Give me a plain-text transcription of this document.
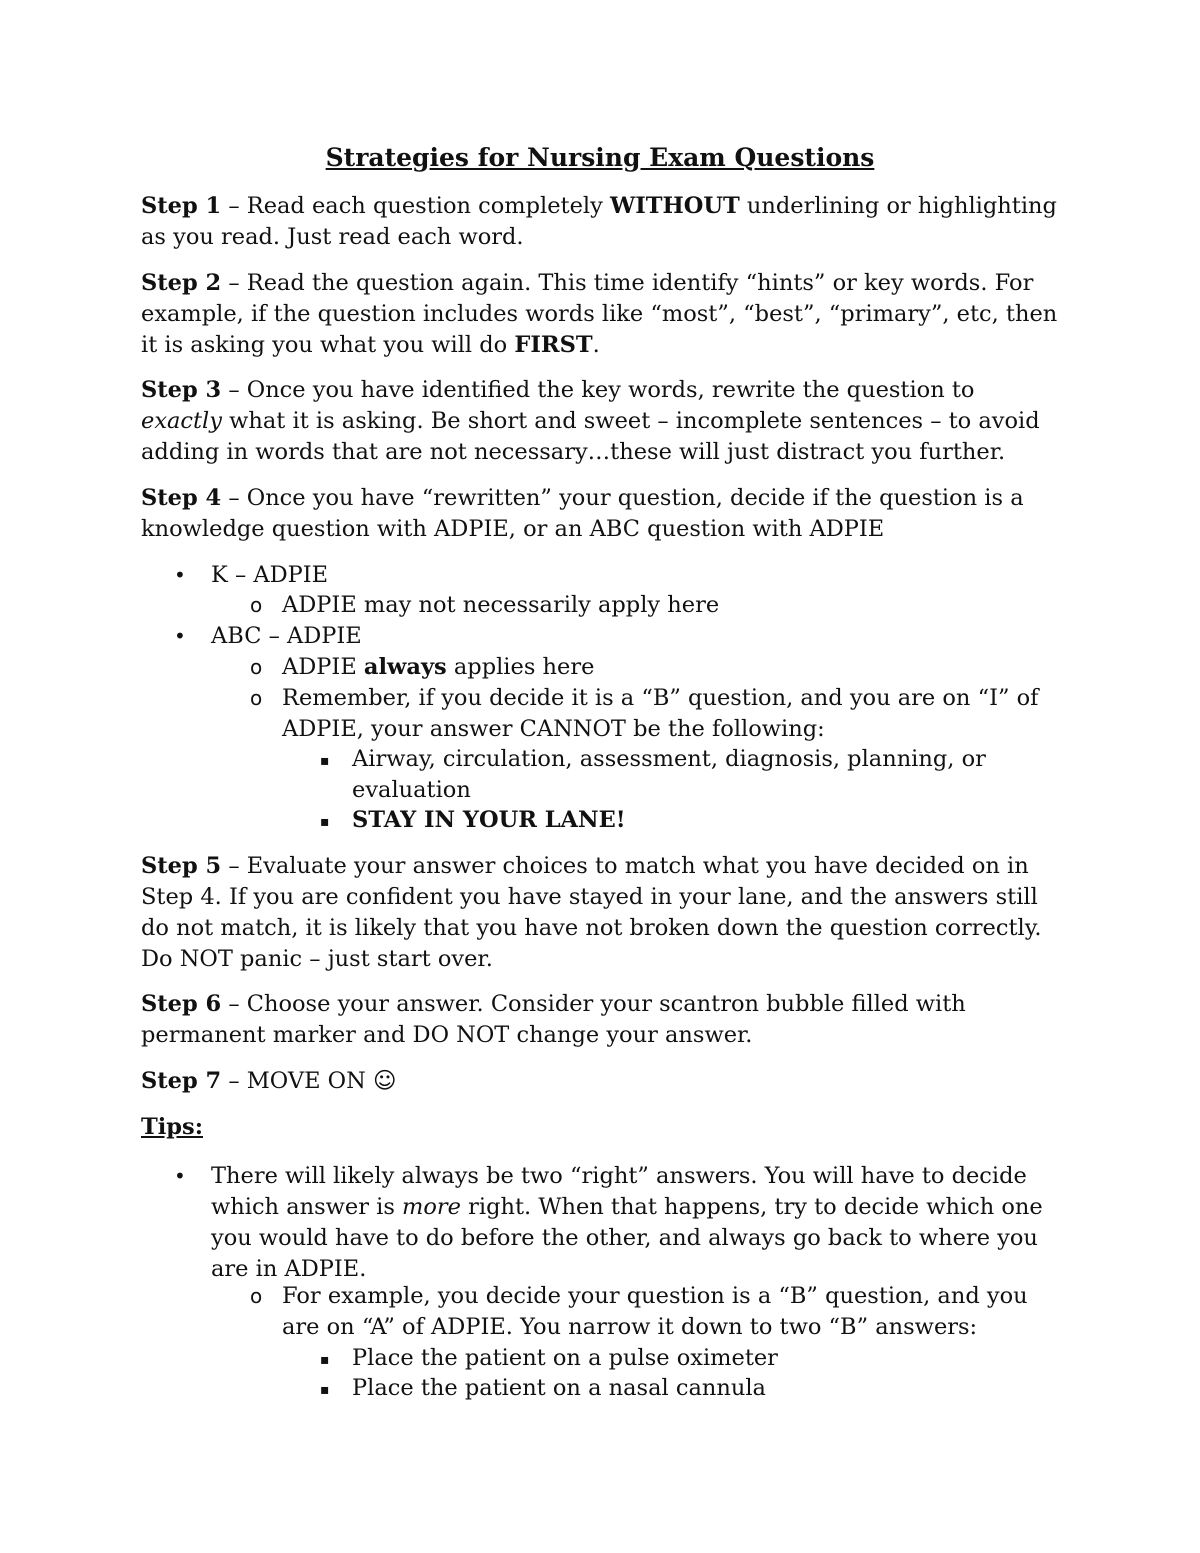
Strategies for Nursing Exam Questions

Step 1 – Read each question completely WITHOUT underlining or highlighting as you read. Just read each word.

Step 2 – Read the question again. This time identify “hints” or key words. For example, if the question includes words like “most”, “best”, “primary”, etc, then it is asking you what you will do FIRST.

Step 3 – Once you have identified the key words, rewrite the question to exactly what it is asking. Be short and sweet – incomplete sentences – to avoid adding in words that are not necessary…these will just distract you further.

Step 4 – Once you have “rewritten” your question, decide if the question is a knowledge question with ADPIE, or an ABC question with ADPIE

• K – ADPIE

o ADPIE may not necessarily apply here

• ABC – ADPIE

o ADPIE always applies here

o Remember, if you decide it is a “B” question, and you are on “I” of ADPIE, your answer CANNOT be the following:

▪ Airway, circulation, assessment, diagnosis, planning, or evaluation

▪ STAY IN YOUR LANE!

Step 5 – Evaluate your answer choices to match what you have decided on in Step 4. If you are confident you have stayed in your lane, and the answers still do not match, it is likely that you have not broken down the question correctly. Do NOT panic – just start over.

Step 6 – Choose your answer. Consider your scantron bubble filled with permanent marker and DO NOT change your answer.

Step 7 – MOVE ON ☺

Tips:

• There will likely always be two “right” answers. You will have to decide which answer is more right. When that happens, try to decide which one you would have to do before the other, and always go back to where you are in ADPIE.

o For example, you decide your question is a “B” question, and you are on “A” of ADPIE. You narrow it down to two “B” answers:

▪ Place the patient on a pulse oximeter

▪ Place the patient on a nasal cannula
